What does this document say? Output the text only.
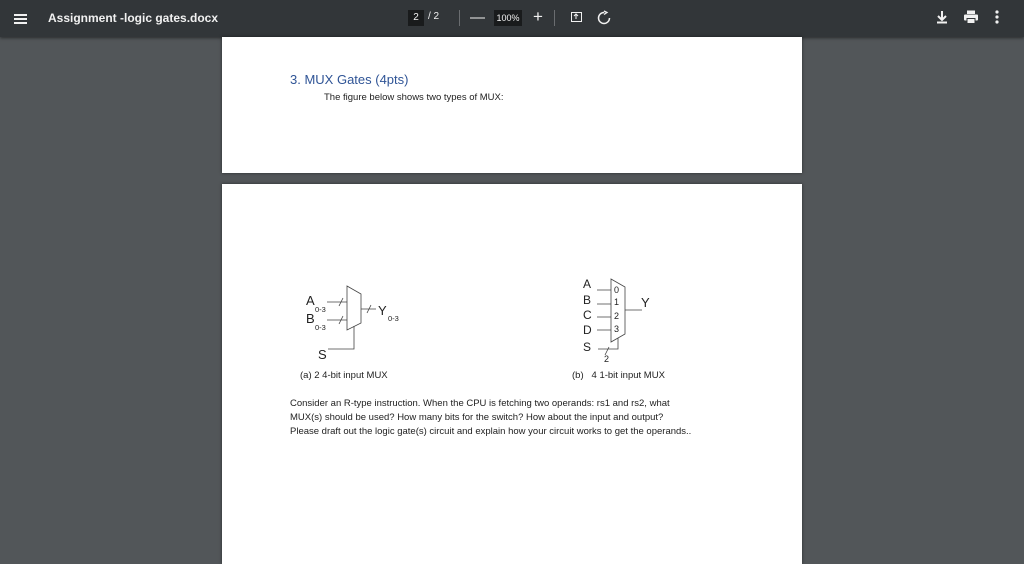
Assignment -logic gates.docx	2 / 2 — 100% +
3. MUX Gates (4pts)
The figure below shows two types of MUX:
A
0-3
B
0-3
Y
0-3
S
A
B
C
D
S
Y
0
1
2
3
2
(a) 2 4-bit input MUX	(b)   4 1-bit input MUX
Consider an R-type instruction. When the CPU is fetching two operands: rs1 and rs2, what
MUX(s) should be used? How many bits for the switch? How about the input and output?
Please draft out the logic gate(s) circuit and explain how your circuit works to get the operands..
